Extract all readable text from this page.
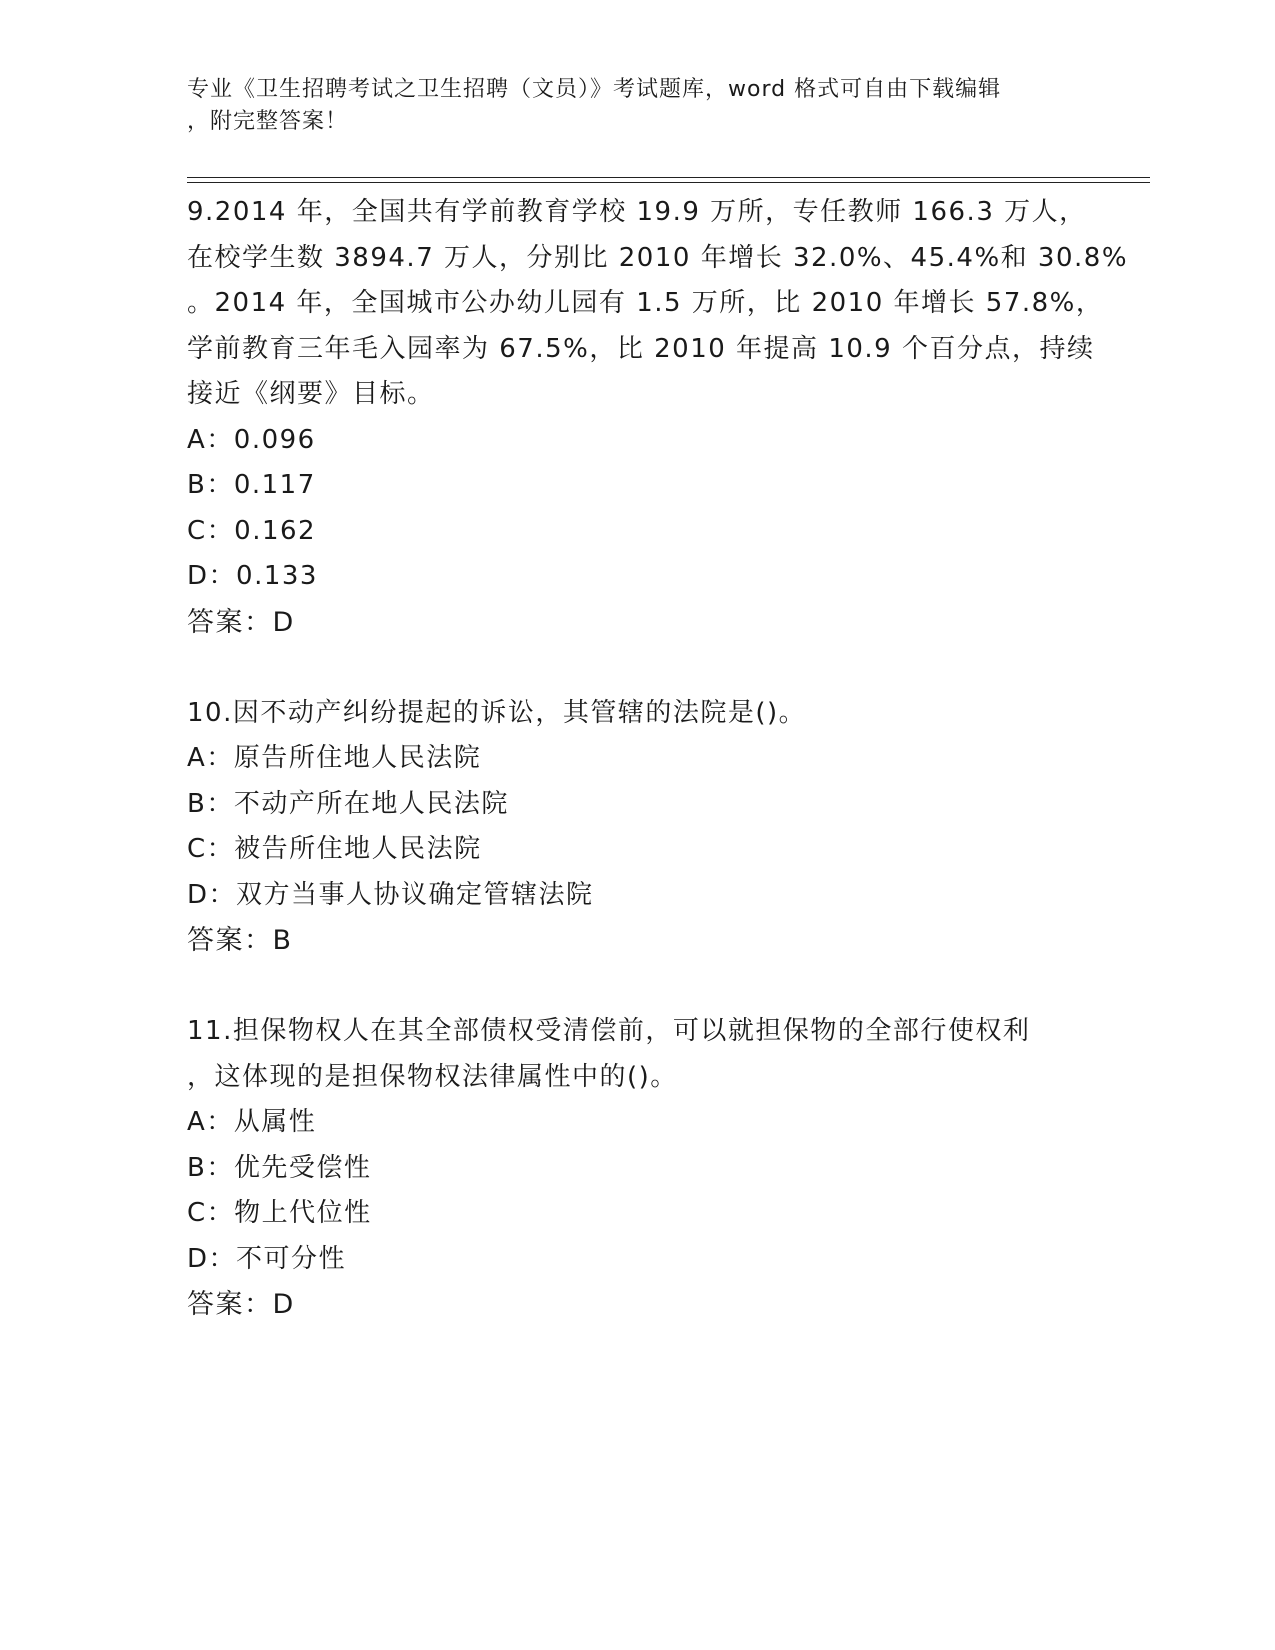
专业《卫生招聘考试之卫生招聘（文员）》考试题库，word 格式可自由下载编辑
，附完整答案！
9.2014 年，全国共有学前教育学校 19.9 万所，专任教师 166.3 万人，
在校学生数 3894.7 万人，分别比 2010 年增长 32.0%、45.4%和 30.8%
。2014 年，全国城市公办幼儿园有 1.5 万所，比 2010 年增长 57.8%，
学前教育三年毛入园率为 67.5%，比 2010 年提高 10.9 个百分点，持续
接近《纲要》目标。
A：0.096
B：0.117
C：0.162
D：0.133
答案：D
10.因不动产纠纷提起的诉讼，其管辖的法院是()。
A：原告所住地人民法院
B：不动产所在地人民法院
C：被告所住地人民法院
D：双方当事人协议确定管辖法院
答案：B
11.担保物权人在其全部债权受清偿前，可以就担保物的全部行使权利
，这体现的是担保物权法律属性中的()。
A：从属性
B：优先受偿性
C：物上代位性
D：不可分性
答案：D
